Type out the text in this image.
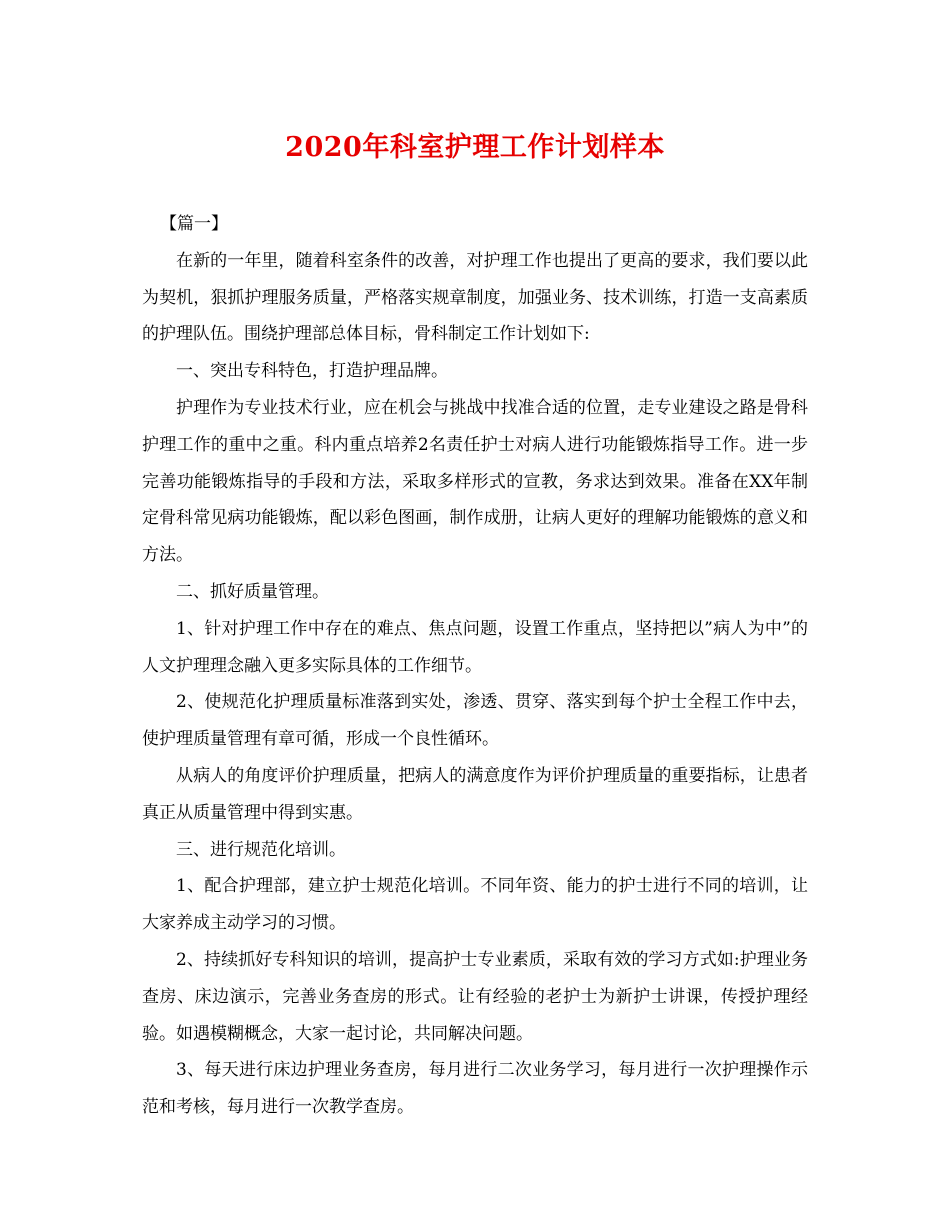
2020年科室护理工作计划样本

【篇一】

在新的一年里，随着科室条件的改善，对护理工作也提出了更高的要求，我们要以此为契机，狠抓护理服务质量，严格落实规章制度，加强业务、技术训练，打造一支高素质的护理队伍。围绕护理部总体目标，骨科制定工作计划如下:

一、突出专科特色，打造护理品牌。

护理作为专业技术行业，应在机会与挑战中找准合适的位置，走专业建设之路是骨科护理工作的重中之重。科内重点培养2名责任护士对病人进行功能锻炼指导工作。进一步完善功能锻炼指导的手段和方法，采取多样形式的宣教，务求达到效果。准备在XX年制定骨科常见病功能锻炼，配以彩色图画，制作成册，让病人更好的理解功能锻炼的意义和方法。

二、抓好质量管理。

1、针对护理工作中存在的难点、焦点问题，设置工作重点，坚持把以”病人为中”的人文护理理念融入更多实际具体的工作细节。

2、使规范化护理质量标准落到实处，渗透、贯穿、落实到每个护士全程工作中去，使护理质量管理有章可循，形成一个良性循环。

从病人的角度评价护理质量，把病人的满意度作为评价护理质量的重要指标，让患者真正从质量管理中得到实惠。

三、进行规范化培训。

1、配合护理部，建立护士规范化培训。不同年资、能力的护士进行不同的培训，让大家养成主动学习的习惯。

2、持续抓好专科知识的培训，提高护士专业素质，采取有效的学习方式如:护理业务查房、床边演示，完善业务查房的形式。让有经验的老护士为新护士讲课，传授护理经验。如遇模糊概念，大家一起讨论，共同解决问题。

3、每天进行床边护理业务查房，每月进行二次业务学习，每月进行一次护理操作示范和考核，每月进行一次教学查房。
